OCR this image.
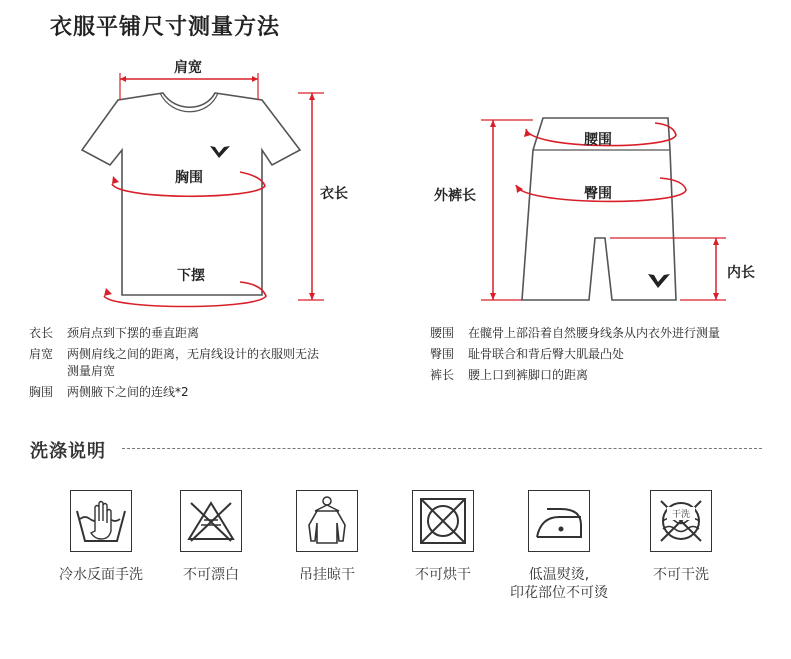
衣服平铺尺寸测量方法
肩宽
胸围
衣长
下摆
腰围
臀围
外裤长
内长
衣长 颈肩点到下摆的垂直距离
肩宽 两侧肩线之间的距离，无肩线设计的衣服则无法
测量肩宽
胸围 两侧腋下之间的连线*2
腰围 在髋骨上部沿着自然腰身线条从内衣外进行测量
臀围 耻骨联合和背后臀大肌最凸处
裤长 腰上口到裤脚口的距离
洗涤说明
干洗
冷水反面手洗	不可漂白	吊挂晾干	不可烘干	低温熨烫,
印花部位不可烫
不可干洗
